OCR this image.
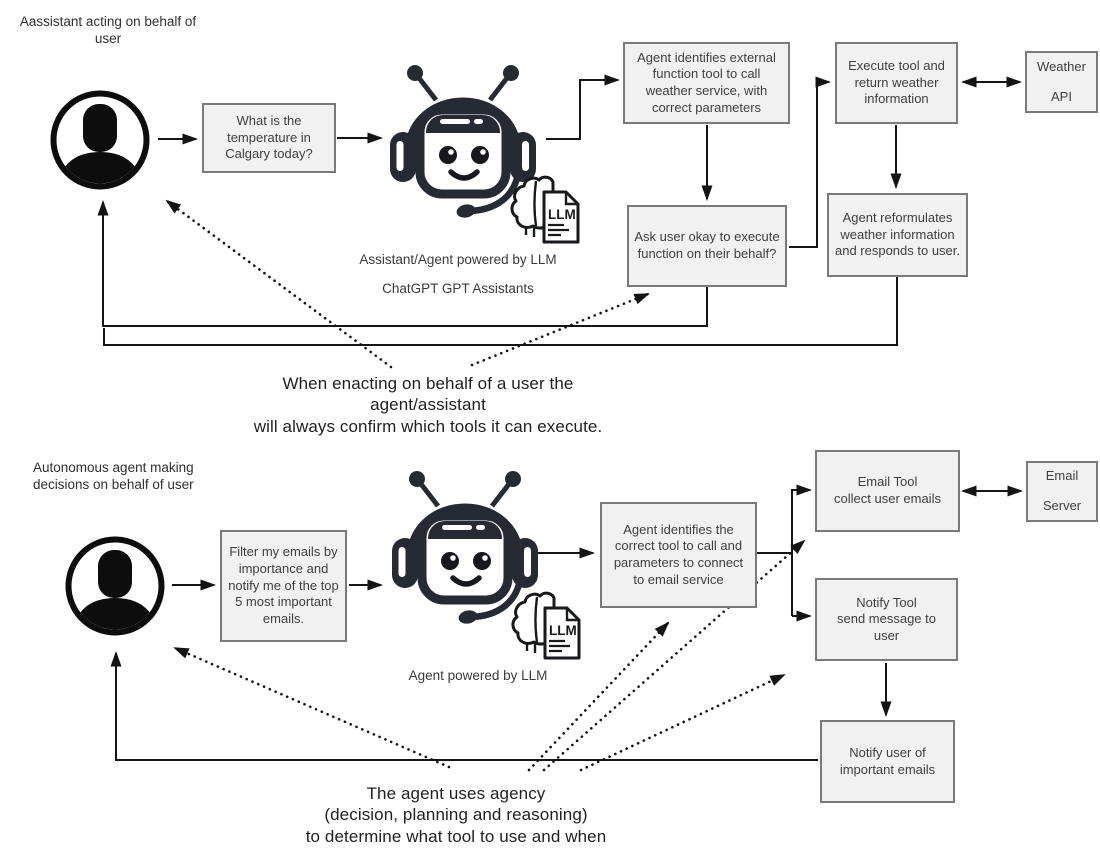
LLM
Aassistant acting on behalf of user
What is the temperature in Calgary today?
Assistant/Agent powered by LLM
ChatGPT GPT Assistants
Agent identifies external function tool to call weather service, with correct parameters
Execute tool and return weather information
Weather
API
Ask user okay to execute function on their behalf?
Agent reformulates weather information and responds to user.
When enacting on behalf of a user the agent/assistant
will always confirm which tools it can execute.
Autonomous agent making decisions on behalf of user
Filter my emails by importance and notify me of the top 5 most important emails.
Agent powered by LLM
Agent identifies the correct tool to call and parameters to connect to email service
Email Tool
collect user emails
Email
Server
Notify Tool
send message to user
Notify user of important emails
The agent uses agency
(decision, planning and reasoning)
to determine what tool to use and when
